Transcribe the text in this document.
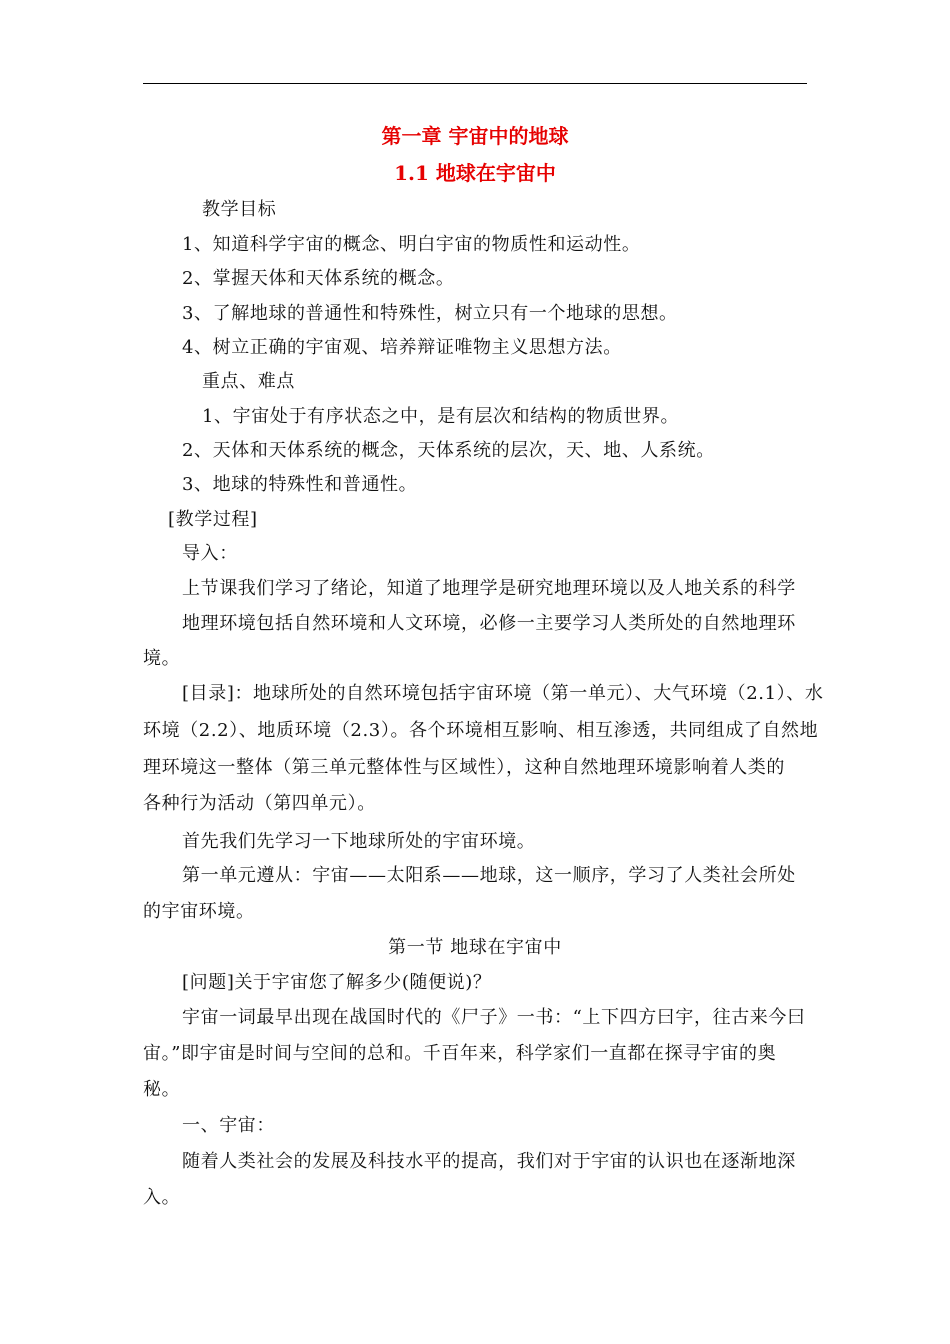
第一章 宇宙中的地球
1.1 地球在宇宙中
教学目标
1、知道科学宇宙的概念、明白宇宙的物质性和运动性。
2、掌握天体和天体系统的概念。
3、了解地球的普通性和特殊性，树立只有一个地球的思想。
4、树立正确的宇宙观、培养辩证唯物主义思想方法。
重点、难点
1、宇宙处于有序状态之中，是有层次和结构的物质世界。
2、天体和天体系统的概念，天体系统的层次，天、地、人系统。
3、地球的特殊性和普通性。
[教学过程]
导入：
上节课我们学习了绪论，知道了地理学是研究地理环境以及人地关系的科学
地理环境包括自然环境和人文环境，必修一主要学习人类所处的自然地理环
境。
[目录]：地球所处的自然环境包括宇宙环境（第一单元）、大气环境（2.1）、水
环境（2.2）、地质环境（2.3）。各个环境相互影响、相互渗透，共同组成了自然地
理环境这一整体（第三单元整体性与区域性），这种自然地理环境影响着人类的
各种行为活动（第四单元）。
首先我们先学习一下地球所处的宇宙环境。
第一单元遵从：宇宙——太阳系——地球，这一顺序，学习了人类社会所处
的宇宙环境。
第一节 地球在宇宙中
[问题]关于宇宙您了解多少(随便说)？
宇宙一词最早出现在战国时代的《尸子》一书：“上下四方曰宇，往古来今曰
宙。”即宇宙是时间与空间的总和。千百年来，科学家们一直都在探寻宇宙的奥
秘。
一、宇宙：
随着人类社会的发展及科技水平的提高，我们对于宇宙的认识也在逐渐地深
入。
